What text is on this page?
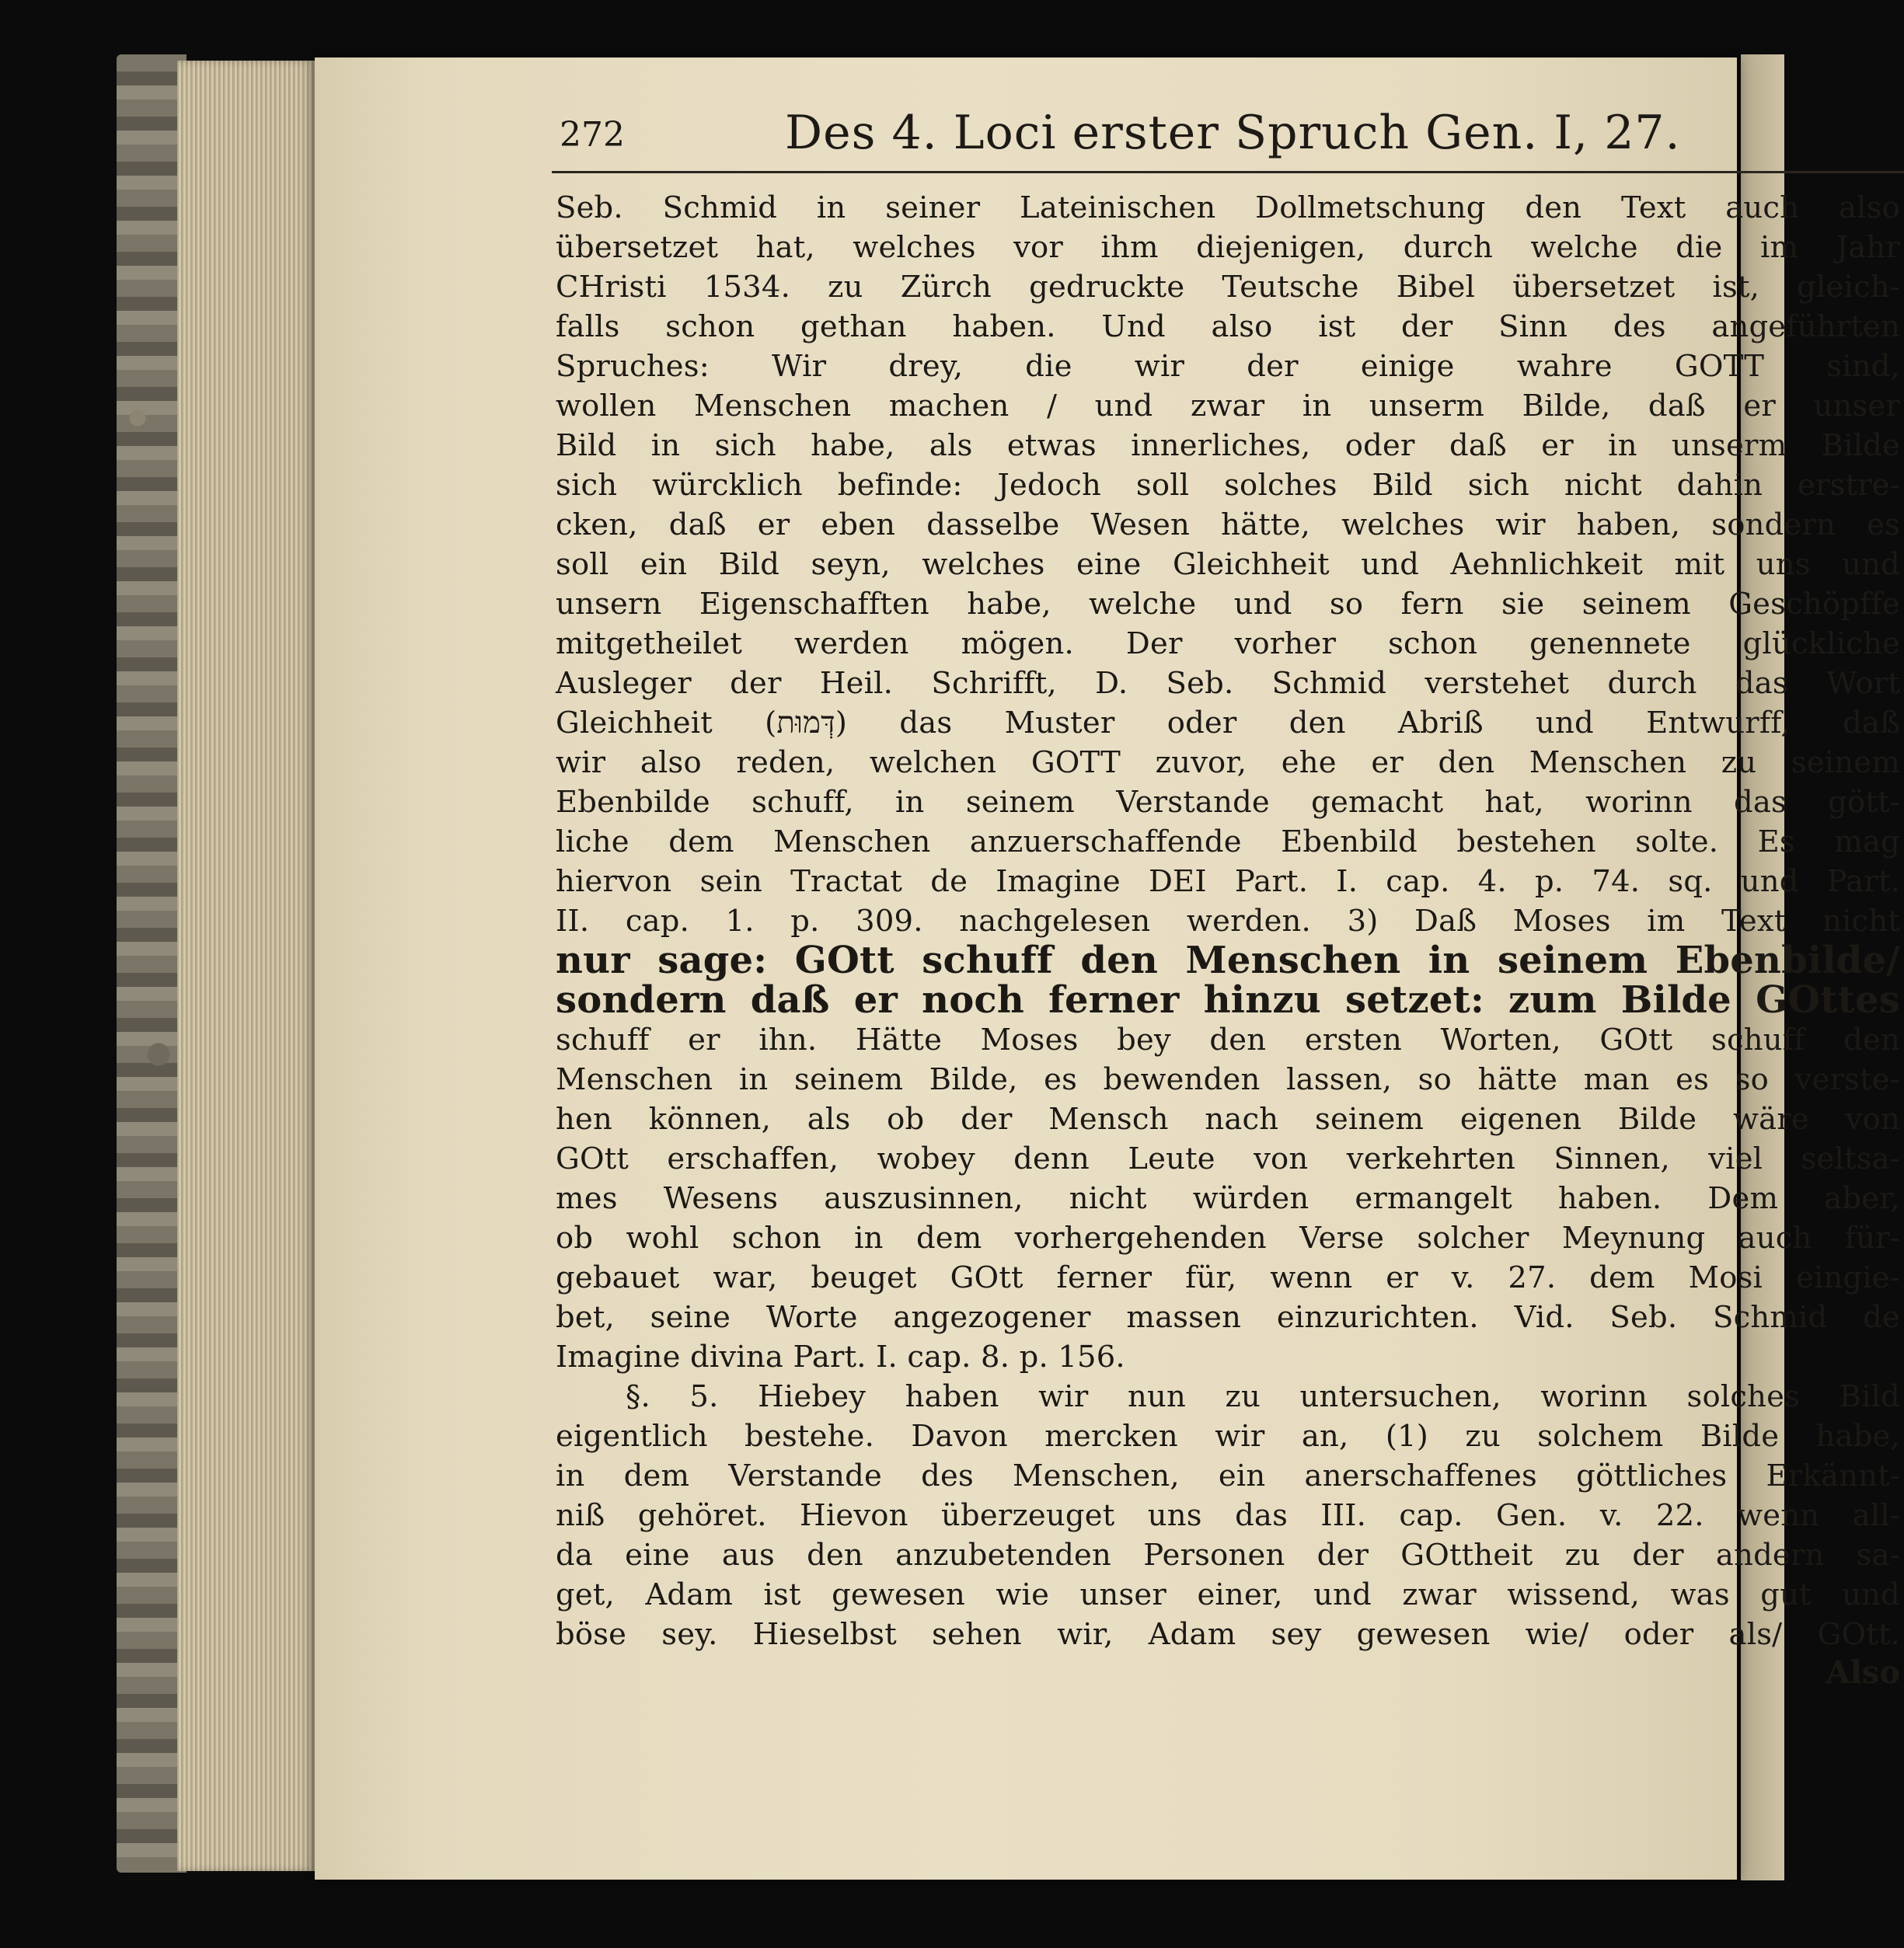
272	Des 4. Loci erster Spruch Gen. I, 27.
Seb. Schmid in seiner Lateinischen Dollmetschung den Text auch also
übersetzet hat, welches vor ihm diejenigen, durch welche die im Jahr
CHristi 1534. zu Zürch gedruckte Teutsche Bibel übersetzet ist, gleich-
falls schon gethan haben. Und also ist der Sinn des angeführten
Spruches: Wir drey, die wir der einige wahre GOTT sind,
wollen Menschen machen / und zwar in unserm Bilde, daß er unser
Bild in sich habe, als etwas innerliches, oder daß er in unserm Bilde
sich würcklich befinde: Jedoch soll solches Bild sich nicht dahin erstre-
cken, daß er eben dasselbe Wesen hätte, welches wir haben, sondern es
soll ein Bild seyn, welches eine Gleichheit und Aehnlichkeit mit uns und
unsern Eigenschafften habe, welche und so fern sie seinem Geschöpffe
mitgetheilet werden mögen. Der vorher schon genennete glückliche
Ausleger der Heil. Schrifft, D. Seb. Schmid verstehet durch das Wort
Gleichheit (דְּמוּת) das Muster oder den Abriß und Entwurff, daß
wir also reden, welchen GOTT zuvor, ehe er den Menschen zu seinem
Ebenbilde schuff, in seinem Verstande gemacht hat, worinn das gött-
liche dem Menschen anzuerschaffende Ebenbild bestehen solte. Es mag
hiervon sein Tractat de Imagine DEI Part. I. cap. 4. p. 74. sq. und Part.
II. cap. 1. p. 309. nachgelesen werden. 3) Daß Moses im Text nicht
nur sage: GOtt schuff den Menschen in seinem Ebenbilde/
sondern daß er noch ferner hinzu setzet: zum Bilde GOttes
schuff er ihn. Hätte Moses bey den ersten Worten, GOtt schuff den
Menschen in seinem Bilde, es bewenden lassen, so hätte man es so verste-
hen können, als ob der Mensch nach seinem eigenen Bilde wäre von
GOtt erschaffen, wobey denn Leute von verkehrten Sinnen, viel seltsa-
mes Wesens auszusinnen, nicht würden ermangelt haben. Dem aber,
ob wohl schon in dem vorhergehenden Verse solcher Meynung auch für-
gebauet war, beuget GOtt ferner für, wenn er v. 27. dem Mosi eingie-
bet, seine Worte angezogener massen einzurichten. Vid. Seb. Schmid de
Imagine divina Part. I. cap. 8. p. 156.
§. 5. Hiebey haben wir nun zu untersuchen, worinn solches Bild
eigentlich bestehe. Davon mercken wir an, (1) zu solchem Bilde habe,
in dem Verstande des Menschen, ein anerschaffenes göttliches Erkännt-
niß gehöret. Hievon überzeuget uns das III. cap. Gen. v. 22. wenn all-
da eine aus den anzubetenden Personen der GOttheit zu der andern sa-
get, Adam ist gewesen wie unser einer, und zwar wissend, was gut und
böse sey. Hieselbst sehen wir, Adam sey gewesen wie/ oder als/ GOtt.
Also
